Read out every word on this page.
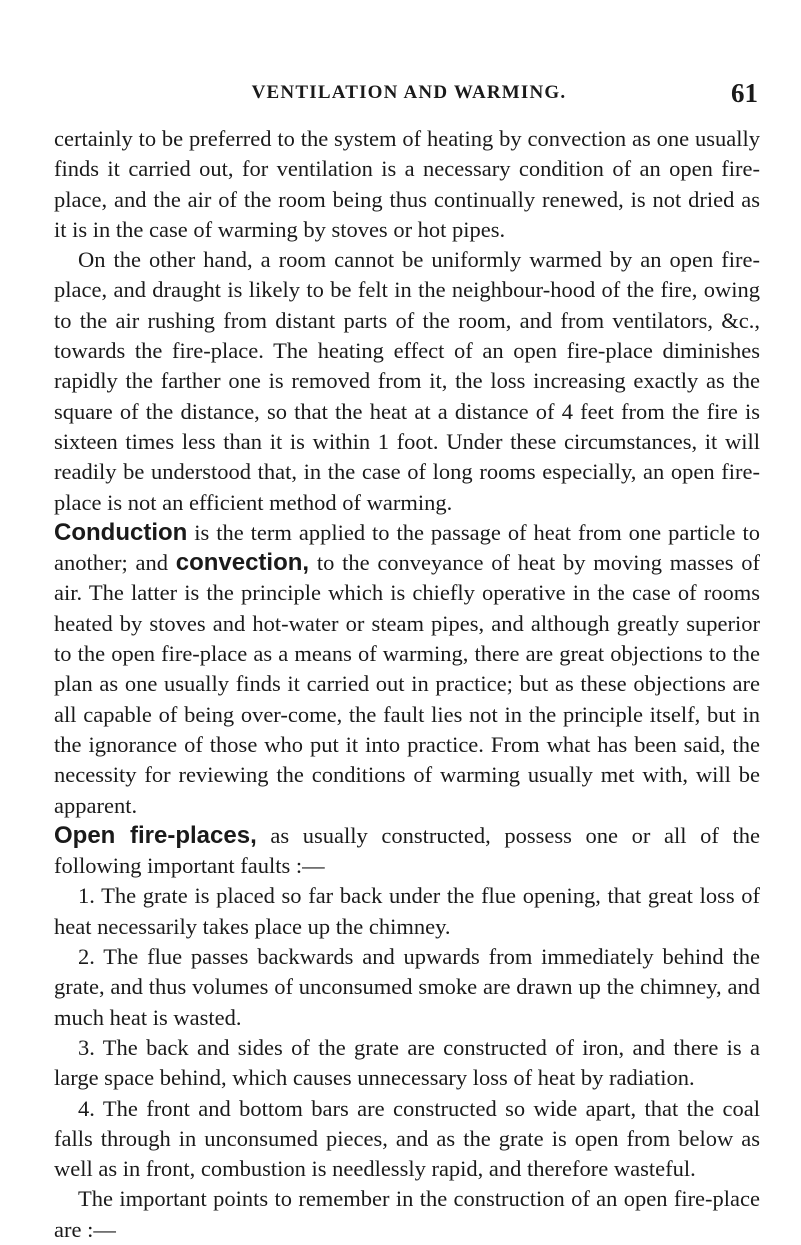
VENTILATION AND WARMING.	61

certainly to be preferred to the system of heating by convection as one usually finds it carried out, for ventilation is a necessary condition of an open fire-place, and the air of the room being thus continually renewed, is not dried as it is in the case of warming by stoves or hot pipes.

On the other hand, a room cannot be uniformly warmed by an open fire-place, and draught is likely to be felt in the neighbour-hood of the fire, owing to the air rushing from distant parts of the room, and from ventilators, &c., towards the fire-place. The heating effect of an open fire-place diminishes rapidly the farther one is removed from it, the loss increasing exactly as the square of the distance, so that the heat at a distance of 4 feet from the fire is sixteen times less than it is within 1 foot. Under these circumstances, it will readily be understood that, in the case of long rooms especially, an open fire-place is not an efficient method of warming.

Conduction is the term applied to the passage of heat from one particle to another; and convection, to the conveyance of heat by moving masses of air. The latter is the principle which is chiefly operative in the case of rooms heated by stoves and hot-water or steam pipes, and although greatly superior to the open fire-place as a means of warming, there are great objections to the plan as one usually finds it carried out in practice; but as these objections are all capable of being over-come, the fault lies not in the principle itself, but in the ignorance of those who put it into practice. From what has been said, the necessity for reviewing the conditions of warming usually met with, will be apparent.

Open fire-places, as usually constructed, possess one or all of the following important faults :—

1. The grate is placed so far back under the flue opening, that great loss of heat necessarily takes place up the chimney.

2. The flue passes backwards and upwards from immediately behind the grate, and thus volumes of unconsumed smoke are drawn up the chimney, and much heat is wasted.

3. The back and sides of the grate are constructed of iron, and there is a large space behind, which causes unnecessary loss of heat by radiation.

4. The front and bottom bars are constructed so wide apart, that the coal falls through in unconsumed pieces, and as the grate is open from below as well as in front, combustion is needlessly rapid, and therefore wasteful.

The important points to remember in the construction of an open fire-place are :—
